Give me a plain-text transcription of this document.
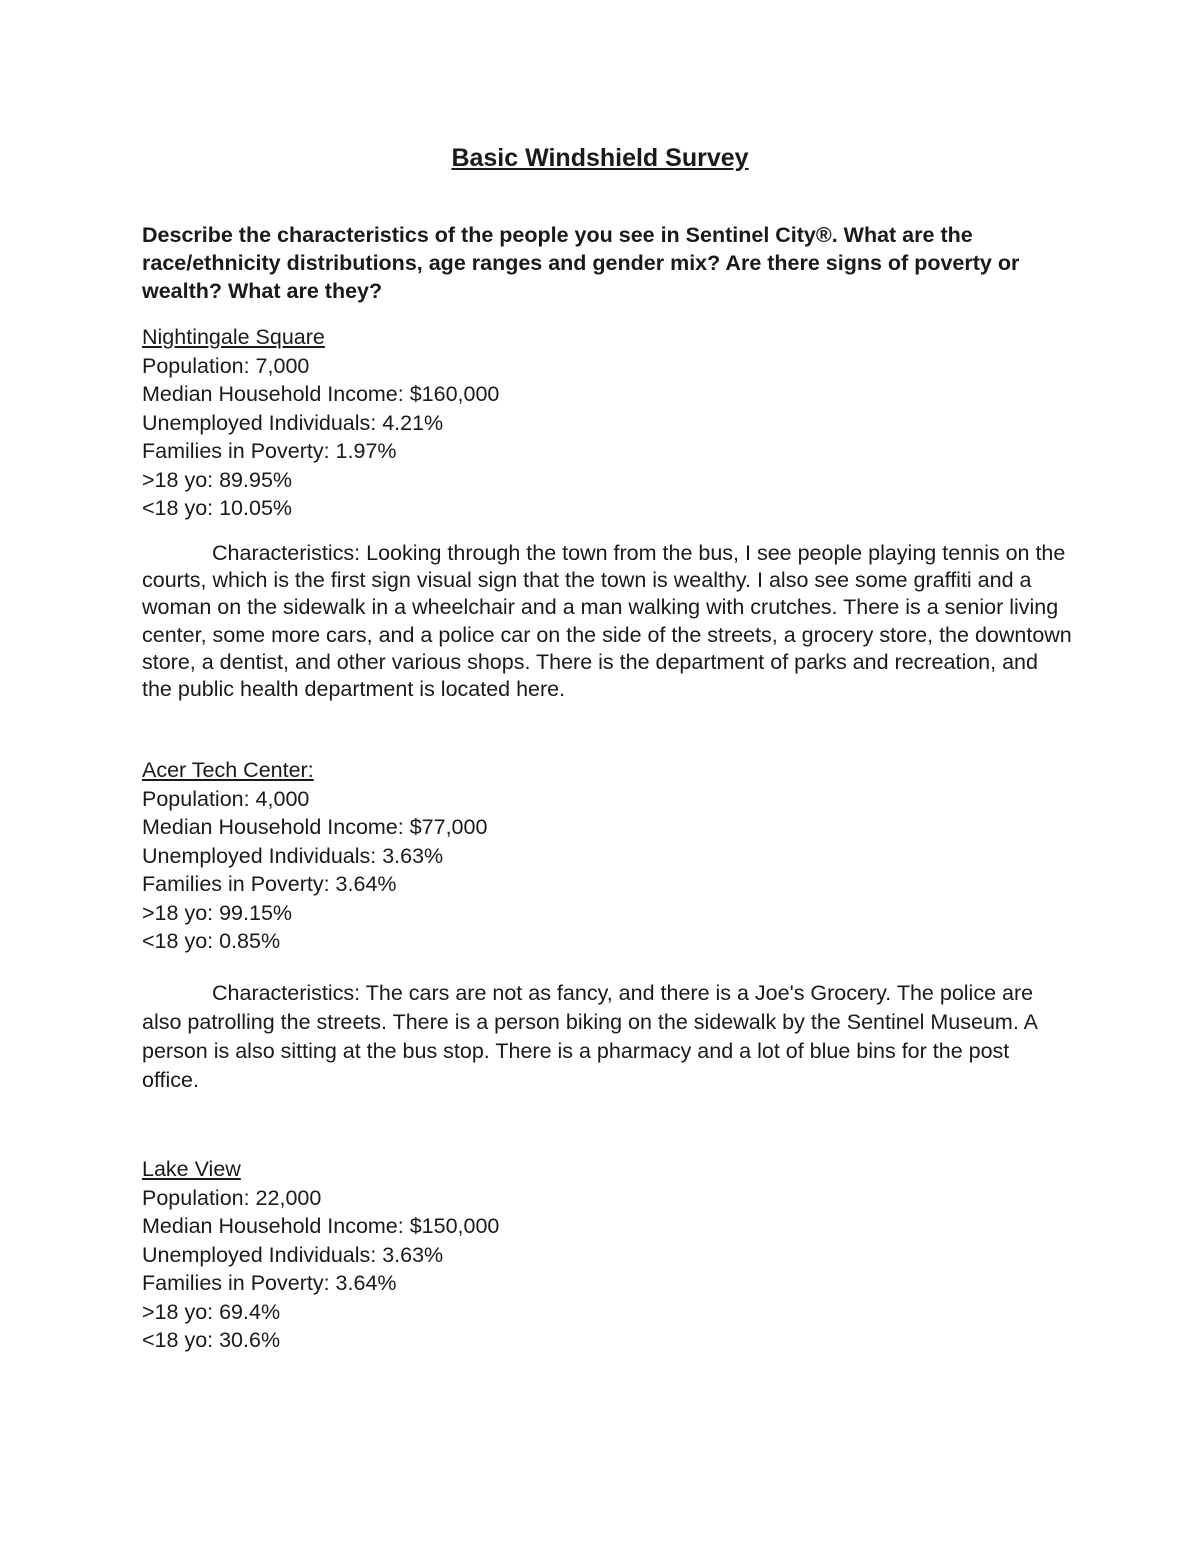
Basic Windshield Survey

Describe the characteristics of the people you see in Sentinel City®. What are the race/ethnicity distributions, age ranges and gender mix? Are there signs of poverty or wealth? What are they?

Nightingale Square

Population: 7,000

Median Household Income: $160,000

Unemployed Individuals: 4.21%

Families in Poverty: 1.97%

>18 yo: 89.95%

<18 yo: 10.05%

Characteristics: Looking through the town from the bus, I see people playing tennis on the courts, which is the first sign visual sign that the town is wealthy. I also see some graffiti and a woman on the sidewalk in a wheelchair and a man walking with crutches. There is a senior living center, some more cars, and a police car on the side of the streets, a grocery store, the downtown store, a dentist, and other various shops. There is the department of parks and recreation, and the public health department is located here.

Acer Tech Center:

Population: 4,000

Median Household Income: $77,000

Unemployed Individuals: 3.63%

Families in Poverty: 3.64%

>18 yo: 99.15%

<18 yo: 0.85%

Characteristics: The cars are not as fancy, and there is a Joe's Grocery. The police are also patrolling the streets. There is a person biking on the sidewalk by the Sentinel Museum. A person is also sitting at the bus stop. There is a pharmacy and a lot of blue bins for the post office.

Lake View

Population: 22,000

Median Household Income: $150,000

Unemployed Individuals: 3.63%

Families in Poverty: 3.64%

>18 yo: 69.4%

<18 yo: 30.6%
